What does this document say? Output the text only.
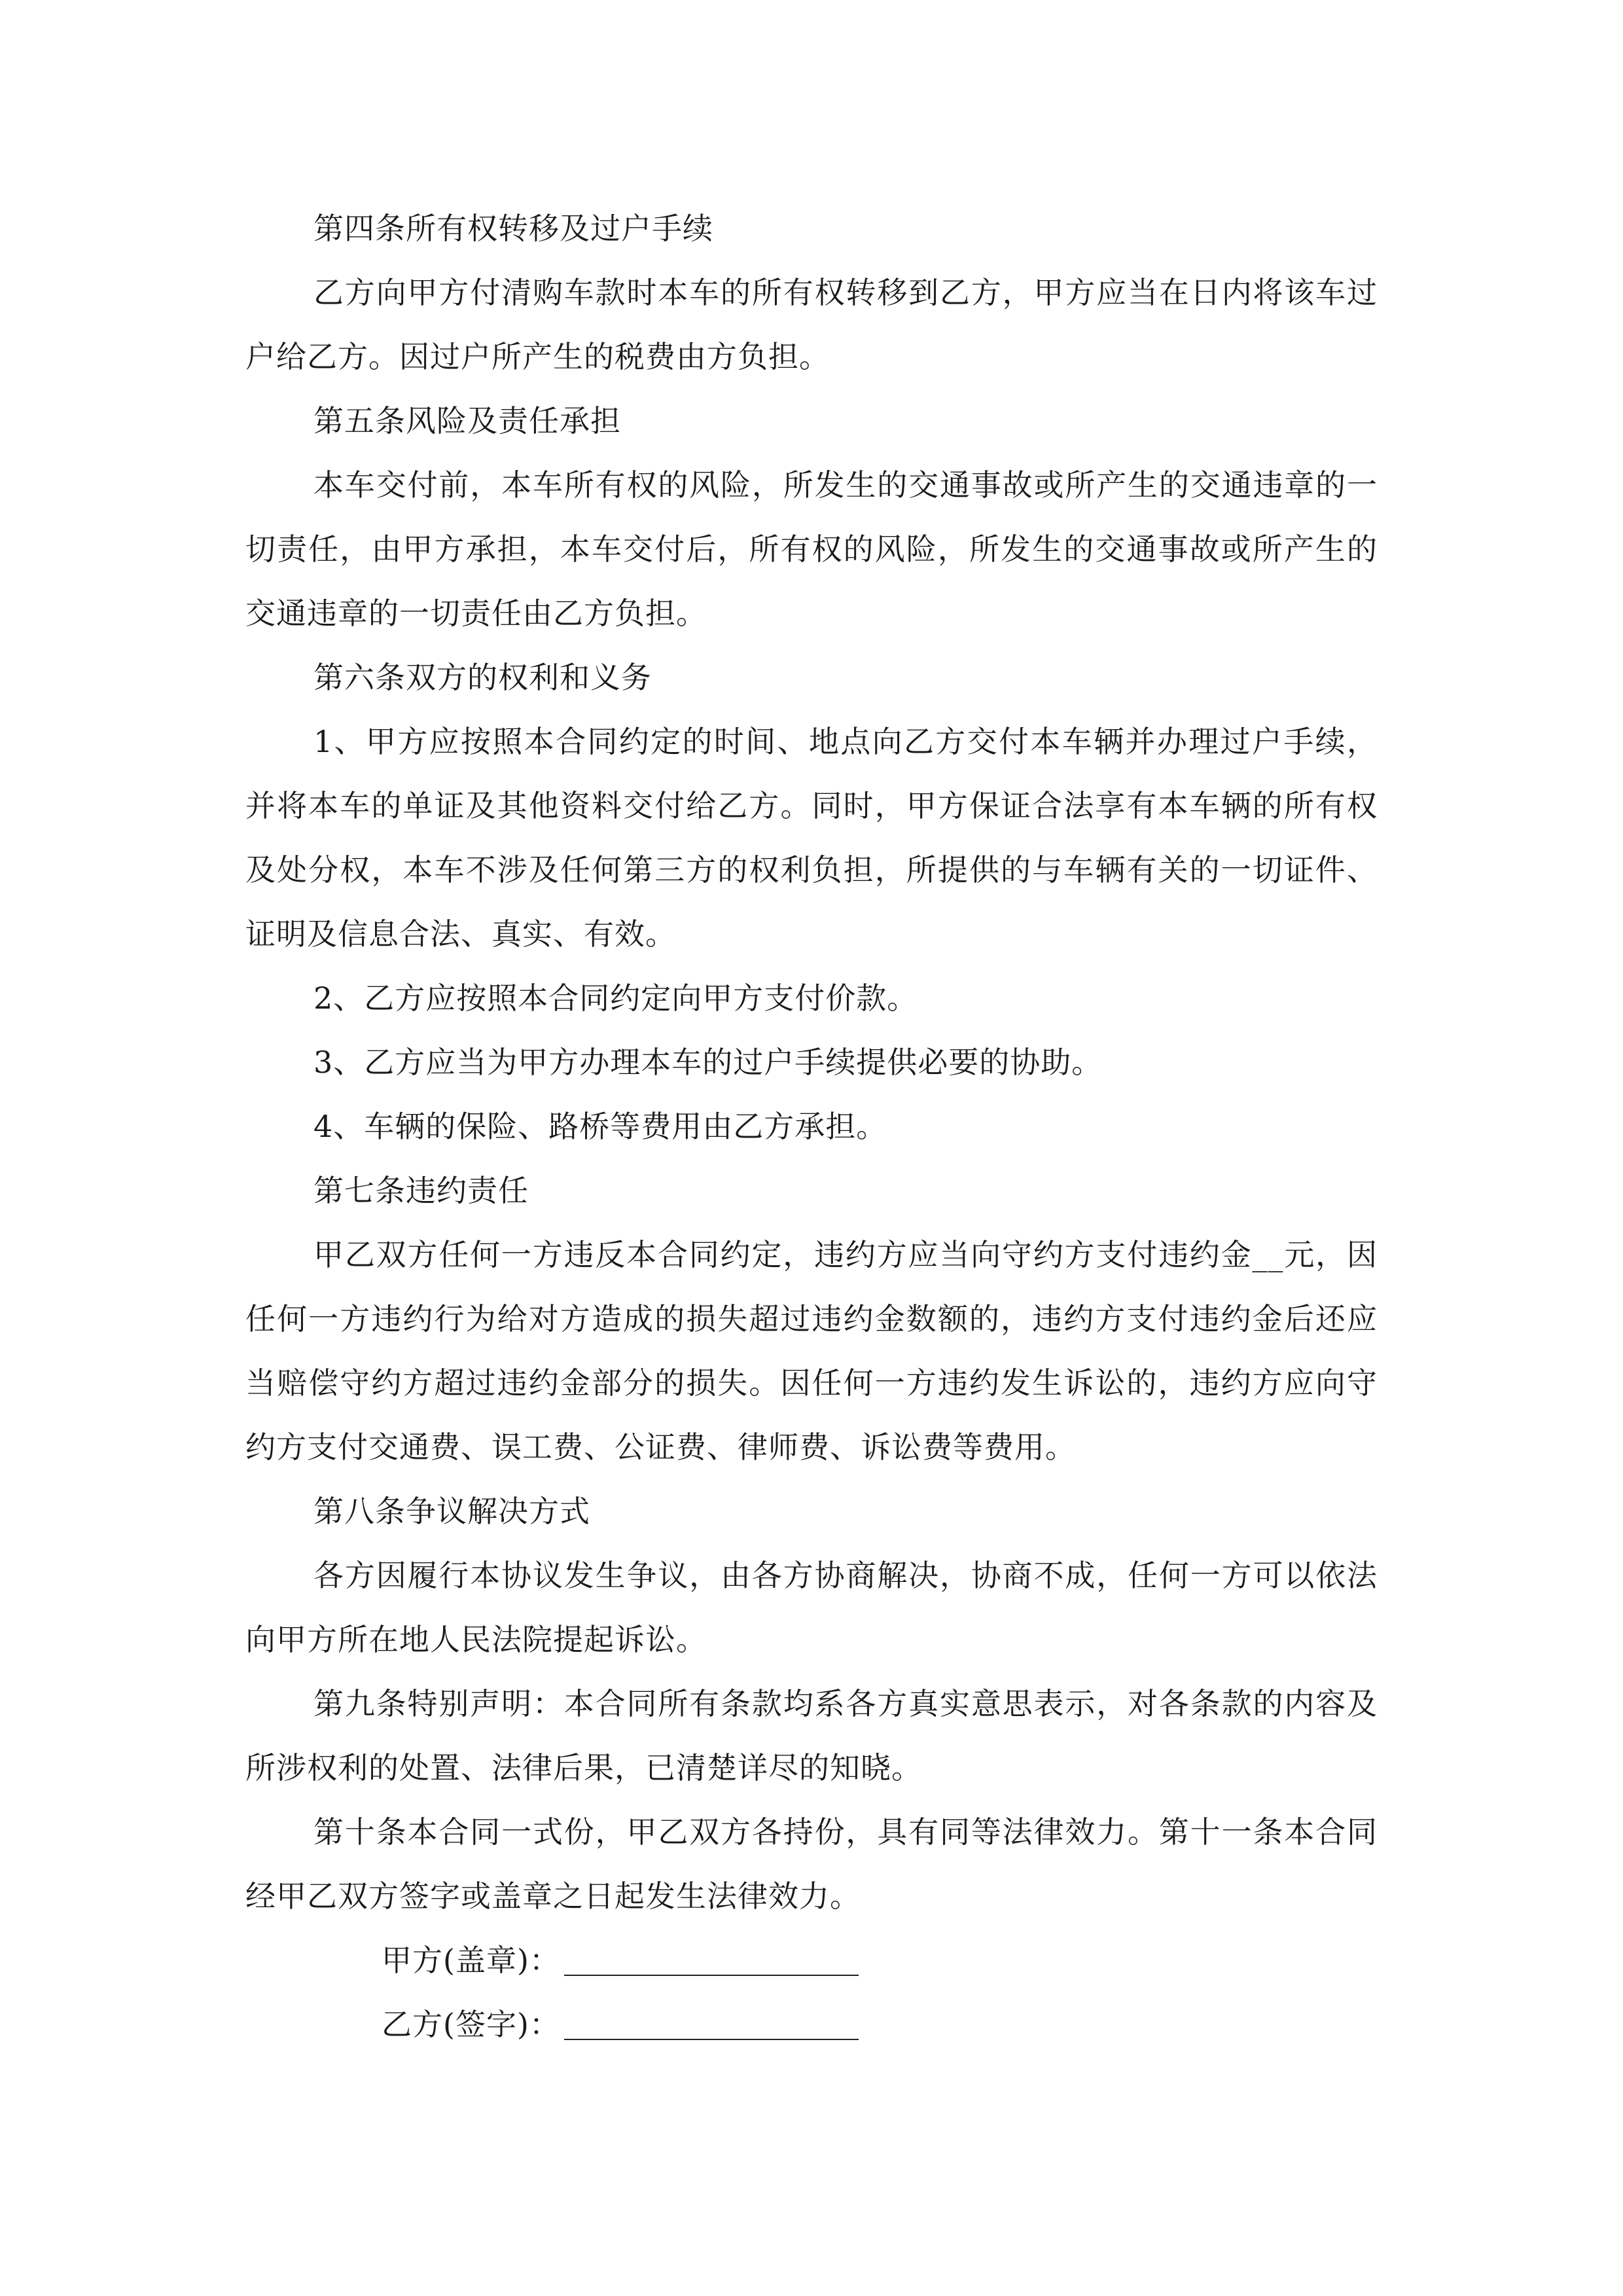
第四条所有权转移及过户手续

乙方向甲方付清购车款时本车的所有权转移到乙方，甲方应当在日内将该车过户给乙方。因过户所产生的税费由方负担。

第五条风险及责任承担

本车交付前，本车所有权的风险，所发生的交通事故或所产生的交通违章的一切责任，由甲方承担，本车交付后，所有权的风险，所发生的交通事故或所产生的交通违章的一切责任由乙方负担。

第六条双方的权利和义务

1、甲方应按照本合同约定的时间、地点向乙方交付本车辆并办理过户手续，并将本车的单证及其他资料交付给乙方。同时，甲方保证合法享有本车辆的所有权及处分权，本车不涉及任何第三方的权利负担，所提供的与车辆有关的一切证件、证明及信息合法、真实、有效。

2、乙方应按照本合同约定向甲方支付价款。

3、乙方应当为甲方办理本车的过户手续提供必要的协助。

4、车辆的保险、路桥等费用由乙方承担。

第七条违约责任

甲乙双方任何一方违反本合同约定，违约方应当向守约方支付违约金__元，因任何一方违约行为给对方造成的损失超过违约金数额的，违约方支付违约金后还应当赔偿守约方超过违约金部分的损失。因任何一方违约发生诉讼的，违约方应向守约方支付交通费、误工费、公证费、律师费、诉讼费等费用。

第八条争议解决方式

各方因履行本协议发生争议，由各方协商解决，协商不成，任何一方可以依法向甲方所在地人民法院提起诉讼。

第九条特别声明：本合同所有条款均系各方真实意思表示，对各条款的内容及所涉权利的处置、法律后果，已清楚详尽的知晓。

第十条本合同一式份，甲乙双方各持份，具有同等法律效力。第十一条本合同经甲乙双方签字或盖章之日起发生法律效力。

甲方(盖章)：

乙方(签字)：
